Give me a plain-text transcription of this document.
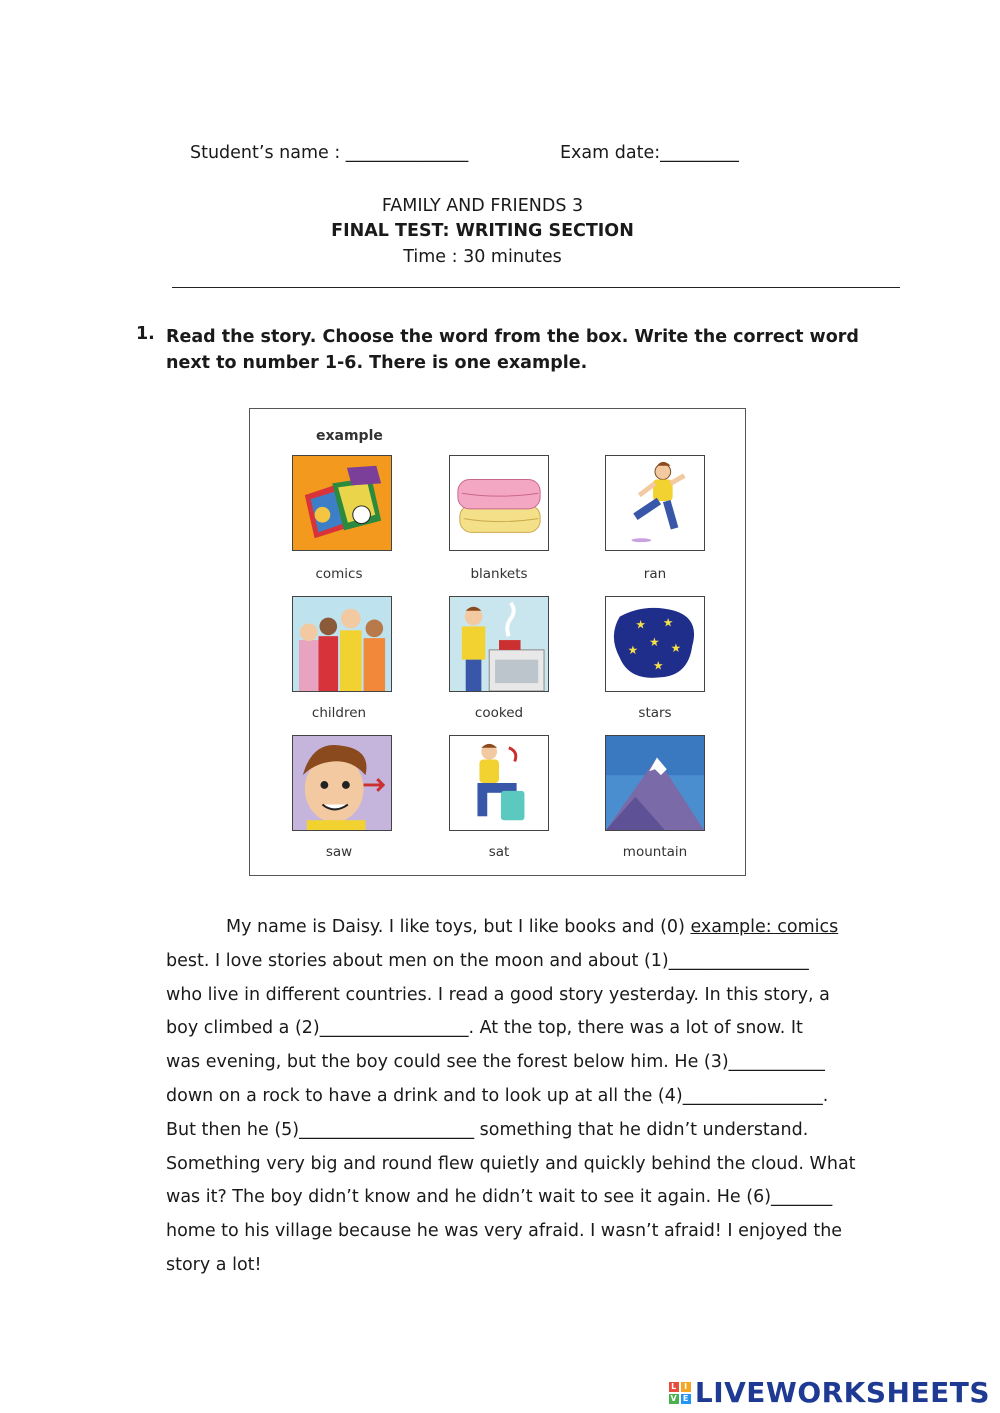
Student’s name : ______________	Exam date:_________
FAMILY AND FRIENDS 3
FINAL TEST: WRITING SECTION
Time : 30 minutes
1. Read the story. Choose the word from the box. Write the correct word
next to number 1-6. There is one example.
example
comics	blankets	ran
★ ★
★
★	★
★
children	cooked	stars
saw	sat	mountain

My name is Daisy. I like toys, but I like books and (0) example: comics

best. I love stories about men on the moon and about (1)________________

who live in different countries. I read a good story yesterday. In this story, a

boy climbed a (2)_________________. At the top, there was a lot of snow. It

was evening, but the boy could see the forest below him. He (3)___________

down on a rock to have a drink and to look up at all the (4)________________.

But then he (5)____________________ something that he didn’t understand.

Something very big and round flew quietly and quickly behind the cloud. What

was it? The boy didn’t know and he didn’t wait to see it again. He (6)_______

home to his village because he was very afraid. I wasn’t afraid! I enjoyed the

story a lot!

L I
V E LIVEWORKSHEETS
